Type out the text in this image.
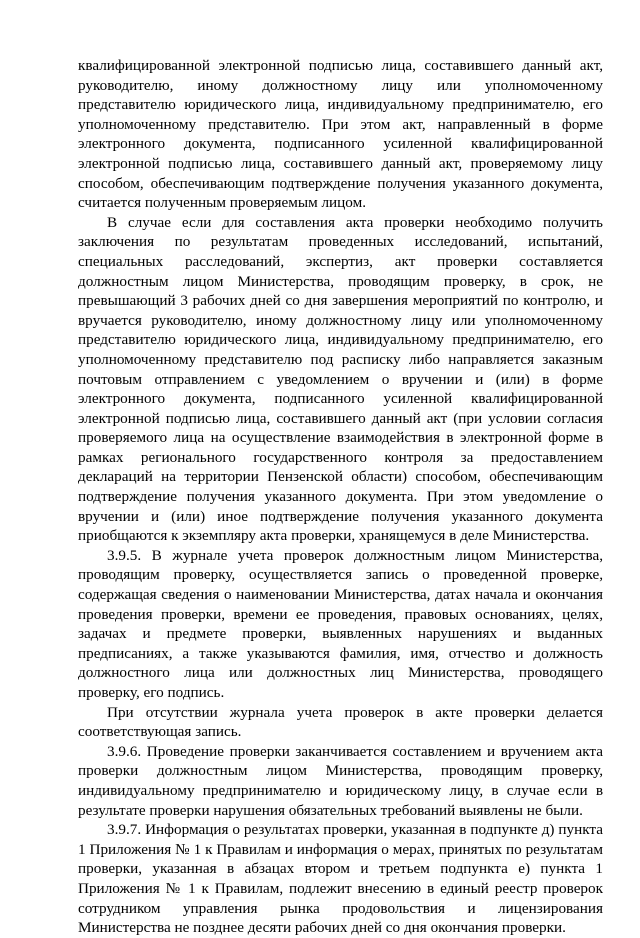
квалифицированной электронной подписью лица, составившего данный акт, руководителю, иному должностному лицу или уполномоченному представителю юридического лица, индивидуальному предпринимателю, его уполномоченному представителю. При этом акт, направленный в форме электронного документа, подписанного усиленной квалифицированной электронной подписью лица, составившего данный акт, проверяемому лицу способом, обеспечивающим подтверждение получения указанного документа, считается полученным проверяемым лицом.

В случае если для составления акта проверки необходимо получить заключения по результатам проведенных исследований, испытаний, специальных расследований, экспертиз, акт проверки составляется должностным лицом Министерства, проводящим проверку, в срок, не превышающий 3 рабочих дней со дня завершения мероприятий по контролю, и вручается руководителю, иному должностному лицу или уполномоченному представителю юридического лица, индивидуальному предпринимателю, его уполномоченному представителю под расписку либо направляется заказным почтовым отправлением с уведомлением о вручении и (или) в форме электронного документа, подписанного усиленной квалифицированной электронной подписью лица, составившего данный акт (при условии согласия проверяемого лица на осуществление взаимодействия в электронной форме в рамках регионального государственного контроля за предоставлением деклараций на территории Пензенской области) способом, обеспечивающим подтверждение получения указанного документа. При этом уведомление о вручении и (или) иное подтверждение получения указанного документа приобщаются к экземпляру акта проверки, хранящемуся в деле Министерства.

3.9.5. В журнале учета проверок должностным лицом Министерства, проводящим проверку, осуществляется запись о проведенной проверке, содержащая сведения о наименовании Министерства, датах начала и окончания проведения проверки, времени ее проведения, правовых основаниях, целях, задачах и предмете проверки, выявленных нарушениях и выданных предписаниях, а также указываются фамилия, имя, отчество и должность должностного лица или должностных лиц Министерства, проводящего проверку, его подпись.

При отсутствии журнала учета проверок в акте проверки делается соответствующая запись.

3.9.6. Проведение проверки заканчивается составлением и вручением акта проверки должностным лицом Министерства, проводящим проверку, индивидуальному предпринимателю и юридическому лицу, в случае если в результате проверки нарушения обязательных требований выявлены не были.

3.9.7. Информация о результатах проверки, указанная в подпункте д) пункта 1 Приложения № 1 к Правилам и информация о мерах, принятых по результатам проверки, указанная в абзацах втором и третьем подпункта е) пункта 1 Приложения № 1 к Правилам, подлежит внесению в единый реестр проверок сотрудником управления рынка продовольствия и лицензирования Министерства не позднее десяти рабочих дней со дня окончания проверки.
